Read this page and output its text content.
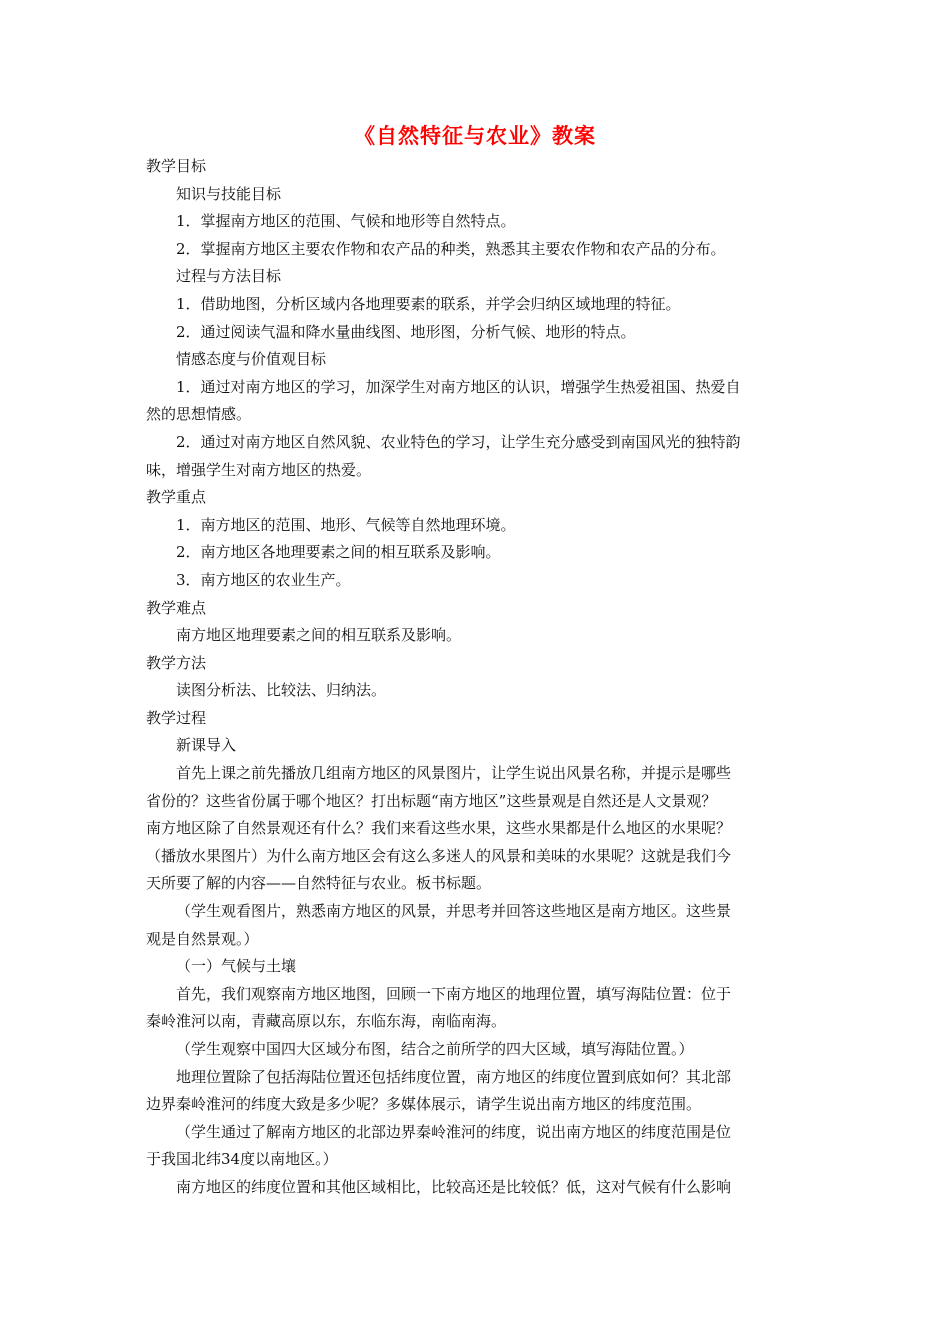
《自然特征与农业》教案
教学目标
知识与技能目标
1．掌握南方地区的范围、气候和地形等自然特点。
2．掌握南方地区主要农作物和农产品的种类，熟悉其主要农作物和农产品的分布。
过程与方法目标
1．借助地图，分析区域内各地理要素的联系，并学会归纳区域地理的特征。
2．通过阅读气温和降水量曲线图、地形图，分析气候、地形的特点。
情感态度与价值观目标
1．通过对南方地区的学习，加深学生对南方地区的认识，增强学生热爱祖国、热爱自
然的思想情感。
2．通过对南方地区自然风貌、农业特色的学习，让学生充分感受到南国风光的独特韵
味，增强学生对南方地区的热爱。
教学重点
1．南方地区的范围、地形、气候等自然地理环境。
2．南方地区各地理要素之间的相互联系及影响。
3．南方地区的农业生产。
教学难点
南方地区地理要素之间的相互联系及影响。
教学方法
读图分析法、比较法、归纳法。
教学过程
新课导入
首先上课之前先播放几组南方地区的风景图片，让学生说出风景名称，并提示是哪些
省份的？这些省份属于哪个地区？打出标题“南方地区”这些景观是自然还是人文景观？
南方地区除了自然景观还有什么？我们来看这些水果，这些水果都是什么地区的水果呢？
（播放水果图片）为什么南方地区会有这么多迷人的风景和美味的水果呢？这就是我们今
天所要了解的内容——自然特征与农业。板书标题。
（学生观看图片，熟悉南方地区的风景，并思考并回答这些地区是南方地区。这些景
观是自然景观。）
（一）气候与土壤
首先，我们观察南方地区地图，回顾一下南方地区的地理位置，填写海陆位置：位于
秦岭淮河以南，青藏高原以东，东临东海，南临南海。
（学生观察中国四大区域分布图，结合之前所学的四大区域，填写海陆位置。）
地理位置除了包括海陆位置还包括纬度位置，南方地区的纬度位置到底如何？其北部
边界秦岭淮河的纬度大致是多少呢？多媒体展示，请学生说出南方地区的纬度范围。
（学生通过了解南方地区的北部边界秦岭淮河的纬度，说出南方地区的纬度范围是位
于我国北纬34度以南地区。）
南方地区的纬度位置和其他区域相比，比较高还是比较低？低，这对气候有什么影响
